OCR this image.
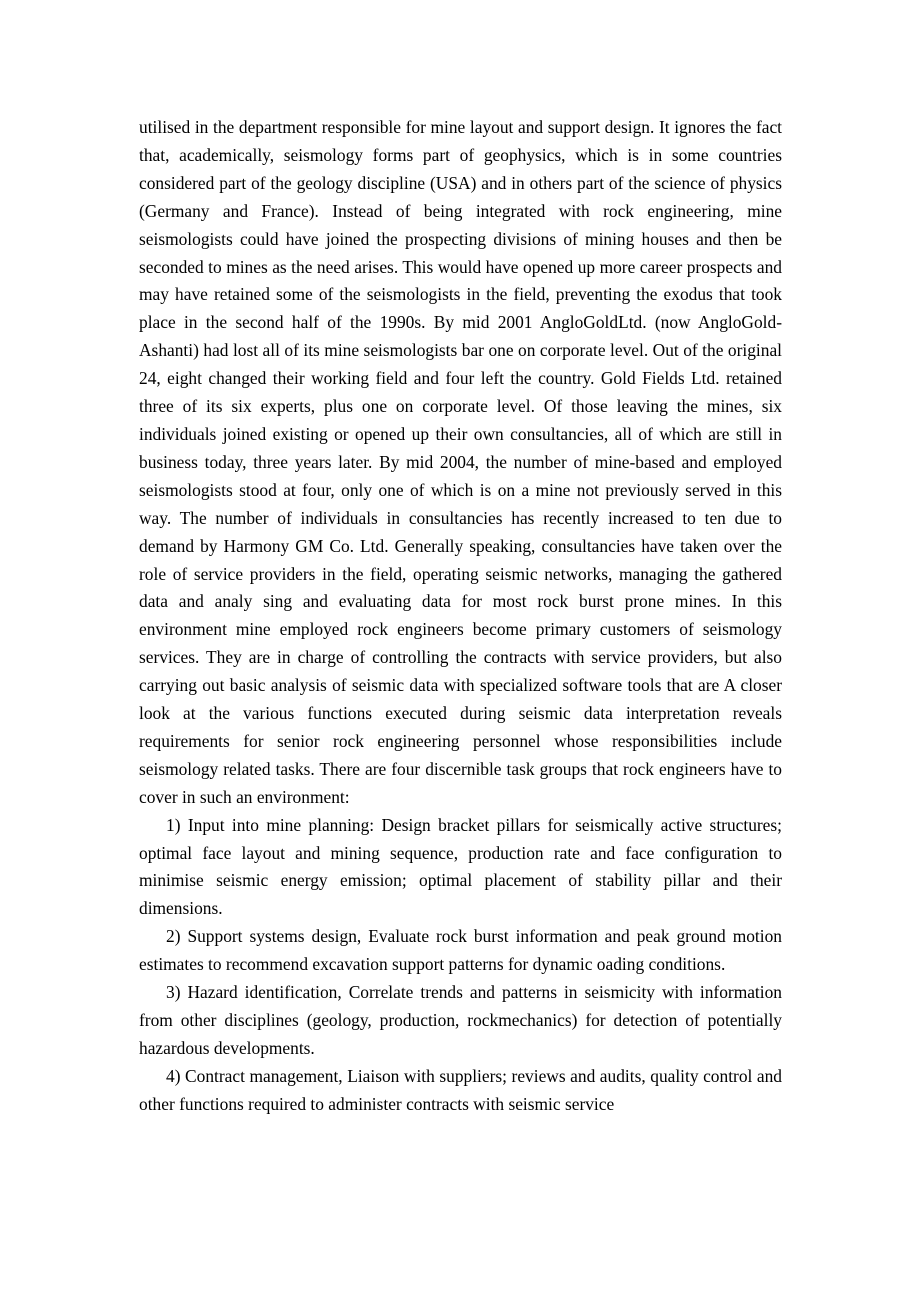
utilised in the department responsible for mine layout and support design. It ignores the fact that, academically, seismology forms part of geophysics, which is in some countries considered part of the geology discipline (USA) and in others part of the science of physics (Germany and France). Instead of being integrated with rock engineering, mine seismologists could have joined the prospecting divisions of mining houses and then be seconded to mines as the need arises. This would have opened up more career prospects and may have retained some of the seismologists in the field, preventing the exodus that took place in the second half of the 1990s. By mid 2001 AngloGoldLtd. (now AngloGold-Ashanti) had lost all of its mine seismologists bar one on corporate level. Out of the original 24, eight changed their working field and four left the country. Gold Fields Ltd. retained three of its six experts, plus one on corporate level. Of those leaving the mines, six individuals joined existing or opened up their own consultancies, all of which are still in business today, three years later. By mid 2004, the number of mine-based and employed seismologists stood at four, only one of which is on a mine not previously served in this way. The number of individuals in consultancies has recently increased to ten due to demand by Harmony GM Co. Ltd. Generally speaking, consultancies have taken over the role of service providers in the field, operating seismic networks, managing the gathered data and analy sing and evaluating data for most rock burst prone mines. In this environment mine employed rock engineers become primary customers of seismology services. They are in charge of controlling the contracts with service providers, but also carrying out basic analysis of seismic data with specialized software tools that are A closer look at the various functions executed during seismic data interpretation reveals requirements for senior rock engineering personnel whose responsibilities include seismology related tasks. There are four discernible task groups that rock engineers have to cover in such an environment:

1) Input into mine planning: Design bracket pillars for seismically active structures; optimal face layout and mining sequence, production rate and face configuration to minimise seismic energy emission; optimal placement of stability pillar and their dimensions.

2) Support systems design, Evaluate rock burst information and peak ground motion estimates to recommend excavation support patterns for dynamic oading conditions.

3) Hazard identification, Correlate trends and patterns in seismicity with information from other disciplines (geology, production, rockmechanics) for detection of potentially hazardous developments.

4) Contract management, Liaison with suppliers; reviews and audits, quality control and other functions required to administer contracts with seismic service
